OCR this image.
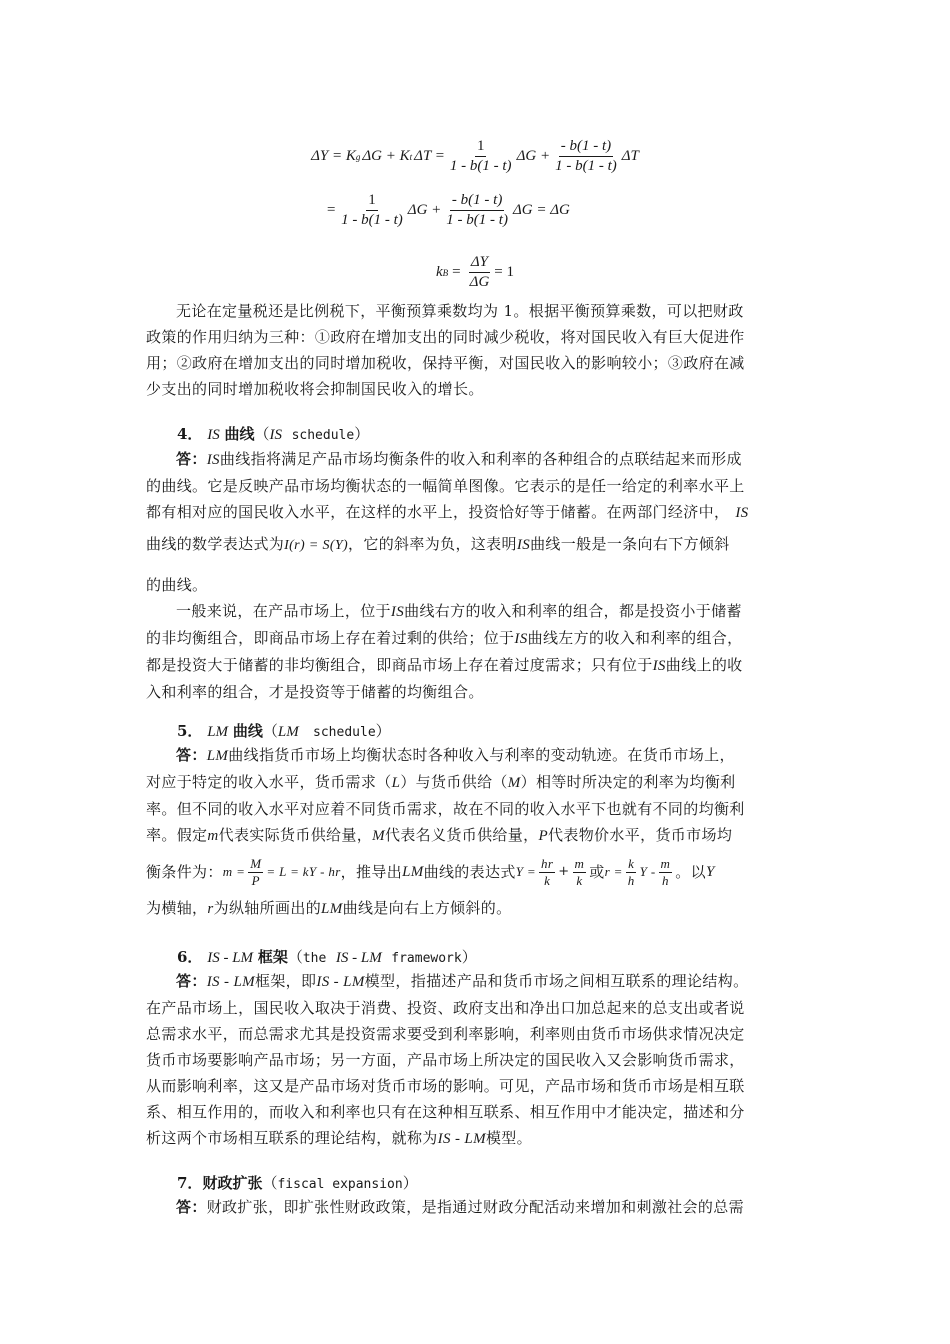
ΔY = K g ΔG + K t $\Delta T = \frac{1}{1 - b(1 - t)}$ $\Delta G + \frac{- b(1 - t)}{1 - b(1 - t)}$ ΔT
= $\frac{1}{1 - b(1 - t)}$ $\Delta G + \frac{- b(1 - t)}{1 - b(1 - t)}$ ΔG = ΔG
k $B = \frac{\Delta Y}{\Delta G} = 1$
无论在定量税还是比例税下，平衡预算乘数均为 1。根据平衡预算乘数，可以把财政
政策的作用归纳为三种：①政府在增加支出的同时减少税收，将对国民收入有巨大促进作
用；②政府在增加支出的同时增加税收，保持平衡，对国民收入的影响较小；③政府在减
少支出的同时增加税收将会抑制国民收入的增长。
4． IS 曲线（IS schedule）
答：IS曲线指将满足产品市场均衡条件的收入和利率的各种组合的点联结起来而形成
的曲线。它是反映产品市场均衡状态的一幅简单图像。它表示的是任一给定的利率水平上
都有相对应的国民收入水平，在这样的水平上，投资恰好等于储蓄。在两部门经济中， IS
曲线的数学表达式为I(r) = S(Y)，它的斜率为负，这表明IS曲线一般是一条向右下方倾斜
的曲线。
一般来说，在产品市场上，位于IS曲线右方的收入和利率的组合，都是投资小于储蓄
的非均衡组合，即商品市场上存在着过剩的供给；位于IS曲线左方的收入和利率的组合，
都是投资大于储蓄的非均衡组合，即商品市场上存在着过度需求；只有位于IS曲线上的收
入和利率的组合，才是投资等于储蓄的均衡组合。
5． LM 曲线（LM schedule）
答：LM曲线指货币市场上均衡状态时各种收入与利率的变动轨迹。在货币市场上，
对应于特定的收入水平，货币需求（L）与货币供给（M）相等时所决定的利率为均衡利
率。但不同的收入水平对应着不同货币需求，故在不同的收入水平下也就有不同的均衡利
率。假定m代表实际货币供给量，M代表名义货币供给量，P代表物价水平，货币市场均
衡条件为： $m = \frac{M}{P} = L$ = kY - hr ，推导出 LM 曲线的表达式 $Y = \frac{hr}{k} + \frac{m}{k}$ 或 $r = \frac{k}{h}$ Y - $\frac{m}{h}$ 。以 Y
为横轴，r为纵轴所画出的LM曲线是向右上方倾斜的。
6． IS - LM 框架（the IS - LM framework）
答：IS - LM框架，即IS - LM模型，指描述产品和货币市场之间相互联系的理论结构。
在产品市场上，国民收入取决于消费、投资、政府支出和净出口加总起来的总支出或者说
总需求水平，而总需求尤其是投资需求要受到利率影响，利率则由货币市场供求情况决定
货币市场要影响产品市场；另一方面，产品市场上所决定的国民收入又会影响货币需求，
从而影响利率，这又是产品市场对货币市场的影响。可见，产品市场和货币市场是相互联
系、相互作用的，而收入和利率也只有在这种相互联系、相互作用中才能决定，描述和分
析这两个市场相互联系的理论结构，就称为IS - LM模型。
7．财政扩张（fiscal expansion）
答：财政扩张，即扩张性财政政策，是指通过财政分配活动来增加和刺激社会的总需
